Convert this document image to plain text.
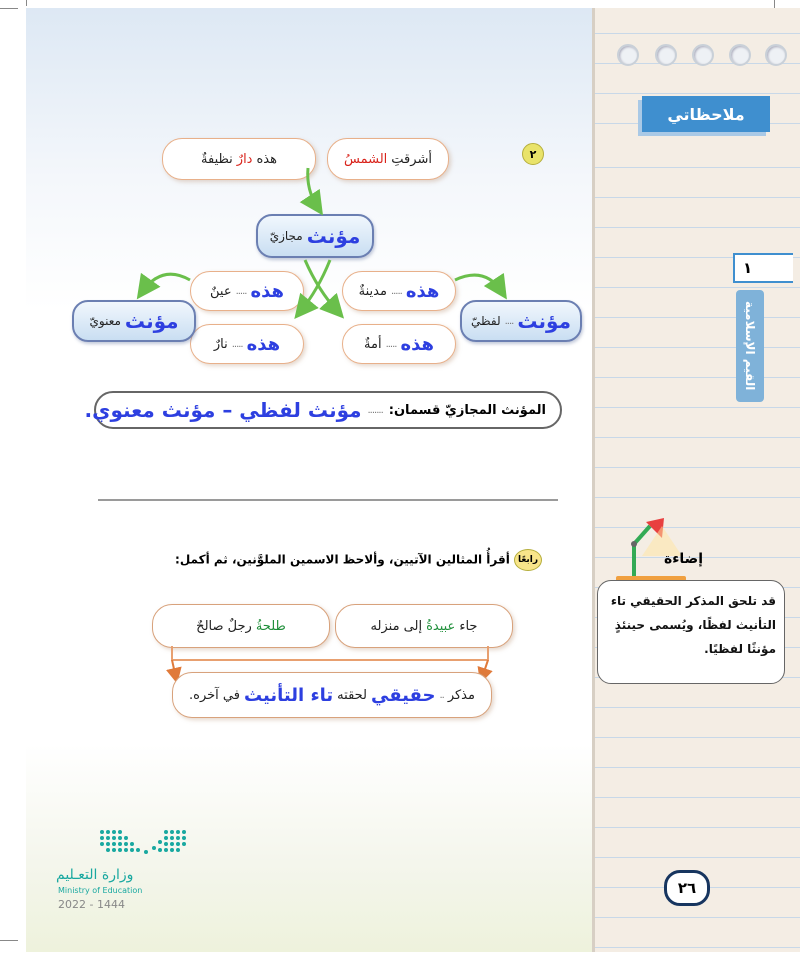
ملاحظاتي
١
القيم الإسلامية
إضاءة
قد تلحق المذكر الحقيقي تاء التأنيث لفظًا، ويُسمى حينئذٍ مؤنثًا لفظيًا.
٢٦
٢
أشرقتِ
الشمسُ
هذه
دارٌ
نظيفةٌ
مؤنث
مجازيّ
هذه
.....
مدينةٌ
هذه
.....
أمةٌ
هذه
.....
عينٌ
هذه
.....
نارٌ
مؤنث
....
لفظيّ
مؤنث
معنويّ
المؤنث المجازيّ قسمان:
.......
مؤنث لفظي – مؤنث معنوي.
رابعًا أقرأُ المثالين الآتيين، وألاحظ الاسمين الملوَّنين، ثم أكمل:
جاء
عبيدةُ
إلى منزله
طلحةُ
رجلٌ صالحٌ
مذكر
..
حقيقي
لحقته
تاء التأنيث
في آخره.
وزارة التعـليم
Ministry of Education
2022 - 1444
